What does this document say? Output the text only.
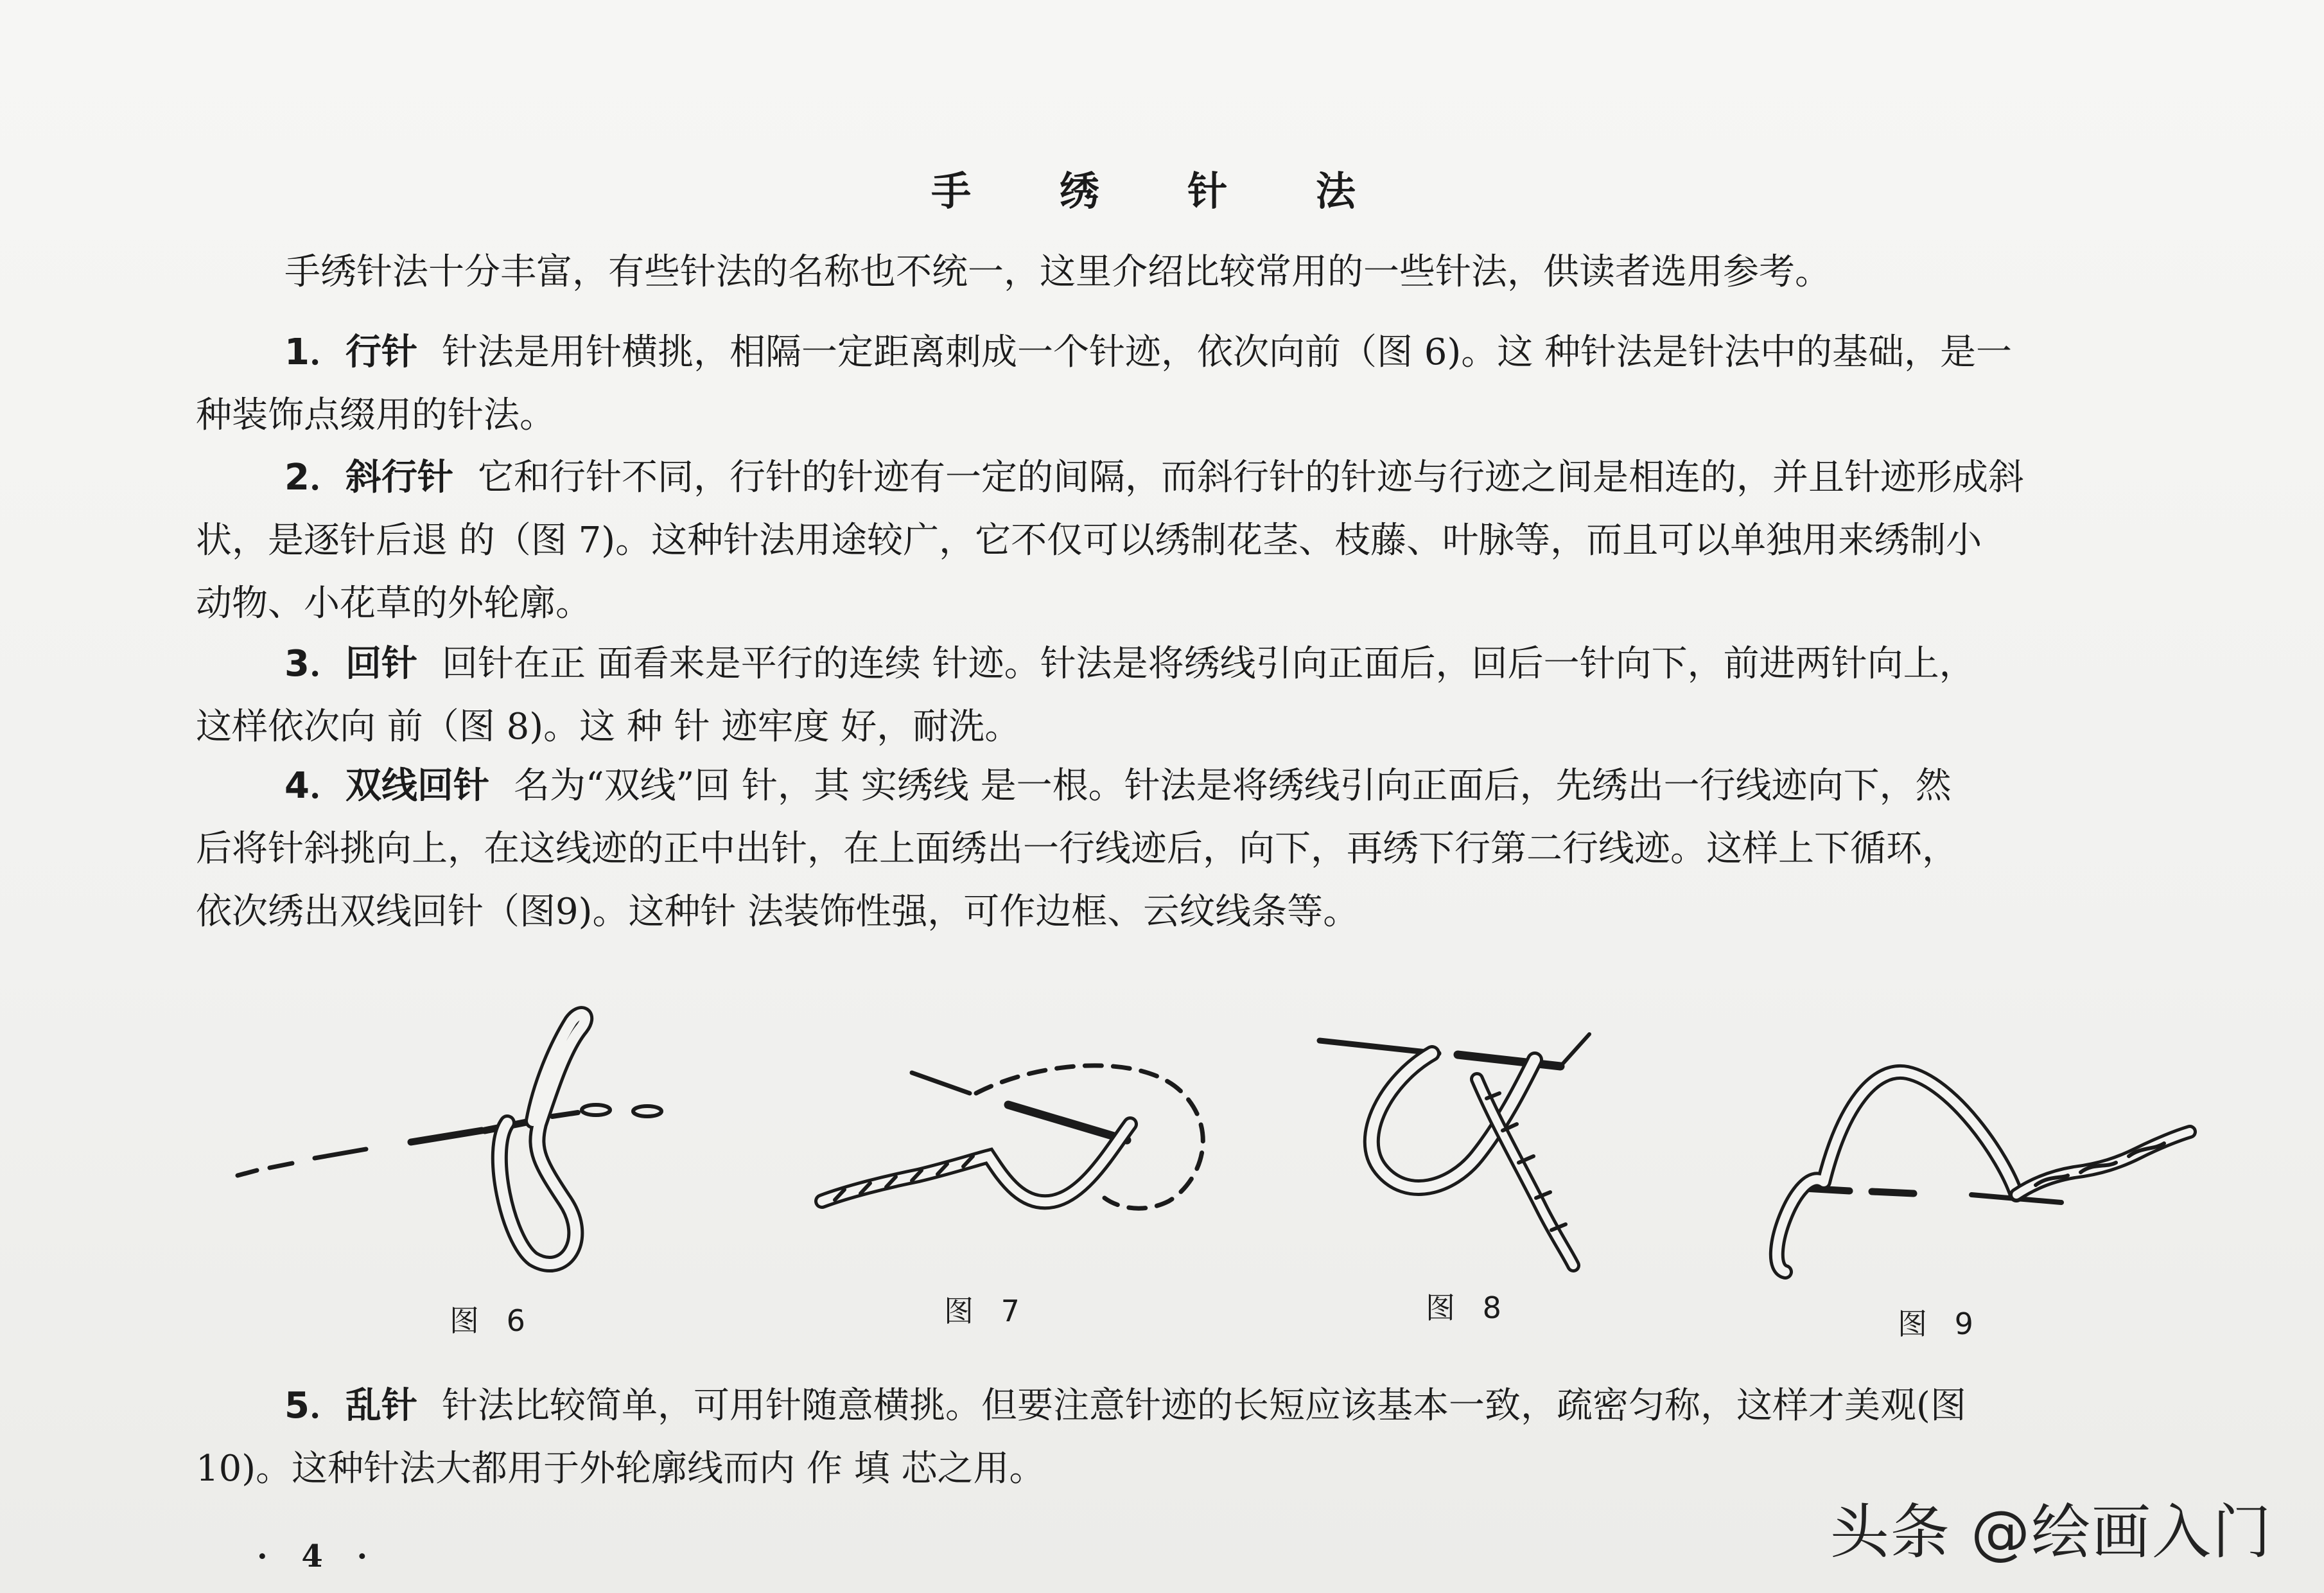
手 绣 针 法
手绣针法十分丰富，有些针法的名称也不统一，这里介绍比较常用的一些针法，供读者选用参考。
1．行针 针法是用针横挑，相隔一定距离刺成一个针迹，依次向前（图 6)。这 种针法是针法中的基础，是一
种装饰点缀用的针法。
2．斜行针 它和行针不同，行针的针迹有一定的间隔，而斜行针的针迹与行迹之间是相连的，并且针迹形成斜
状，是逐针后退 的（图 7)。这种针法用途较广，它不仅可以绣制花茎、枝藤、叶脉等，而且可以单独用来绣制小
动物、小花草的外轮廓。
3．回针 回针在正 面看来是平行的连续 针迹。针法是将绣线引向正面后，回后一针向下，前进两针向上，
这样依次向 前（图 8)。这 种 针 迹牢度 好，耐洗。
4．双线回针 名为“双线”回 针，其 实绣线 是一根。针法是将绣线引向正面后，先绣出一行线迹向下，然
后将针斜挑向上，在这线迹的正中出针，在上面绣出一行线迹后，向下，再绣下行第二行线迹。这样上下循环，
依次绣出双线回针（图9)。这种针 法装饰性强，可作边框、云纹线条等。
图 6	图 7	图 8	图 9
5．乱针 针法比较简单，可用针随意横挑。但要注意针迹的长短应该基本一致，疏密匀称，这样才美观(图
10)。这种针法大都用于外轮廓线而内 作 填 芯之用。
· 4 ·	头条 @绘画入门
